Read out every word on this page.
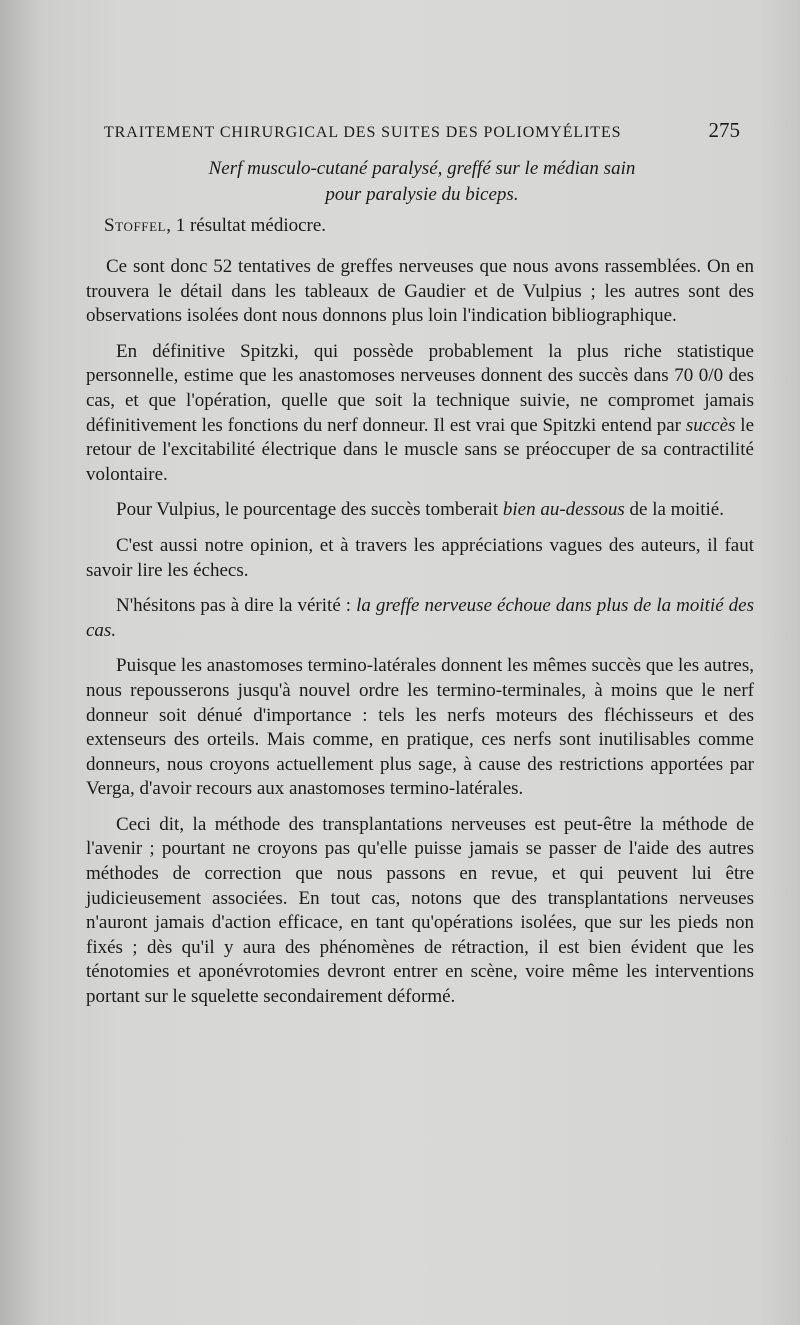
TRAITEMENT CHIRURGICAL DES SUITES DES POLIOMYÉLITES	275
Nerf musculo-cutané paralysé, greffé sur le médian sain
pour paralysie du biceps.
Stoffel, 1 résultat médiocre.

Ce sont donc 52 tentatives de greffes nerveuses que nous avons rassemblées. On en trouvera le détail dans les tableaux de Gaudier et de Vulpius ; les autres sont des observations isolées dont nous donnons plus loin l'indication bibliographique.

En définitive Spitzki, qui possède probablement la plus riche statistique personnelle, estime que les anastomoses nerveuses donnent des succès dans 70 0/0 des cas, et que l'opération, quelle que soit la technique suivie, ne compromet jamais définitivement les fonctions du nerf donneur. Il est vrai que Spitzki entend par succès le retour de l'excitabilité électrique dans le muscle sans se préoccuper de sa contractilité volontaire.

Pour Vulpius, le pourcentage des succès tomberait bien au-dessous de la moitié.

C'est aussi notre opinion, et à travers les appréciations vagues des auteurs, il faut savoir lire les échecs.

N'hésitons pas à dire la vérité : la greffe nerveuse échoue dans plus de la moitié des cas.

Puisque les anastomoses termino-latérales donnent les mêmes succès que les autres, nous repousserons jusqu'à nouvel ordre les termino-terminales, à moins que le nerf donneur soit dénué d'importance : tels les nerfs moteurs des fléchisseurs et des extenseurs des orteils. Mais comme, en pratique, ces nerfs sont inutilisables comme donneurs, nous croyons actuellement plus sage, à cause des restrictions apportées par Verga, d'avoir recours aux anastomoses termino-latérales.

Ceci dit, la méthode des transplantations nerveuses est peut-être la méthode de l'avenir ; pourtant ne croyons pas qu'elle puisse jamais se passer de l'aide des autres méthodes de correction que nous passons en revue, et qui peuvent lui être judicieusement associées. En tout cas, notons que des transplantations nerveuses n'auront jamais d'action efficace, en tant qu'opérations isolées, que sur les pieds non fixés ; dès qu'il y aura des phénomènes de rétraction, il est bien évident que les ténotomies et aponévrotomies devront entrer en scène, voire même les interventions portant sur le squelette secondairement déformé.
